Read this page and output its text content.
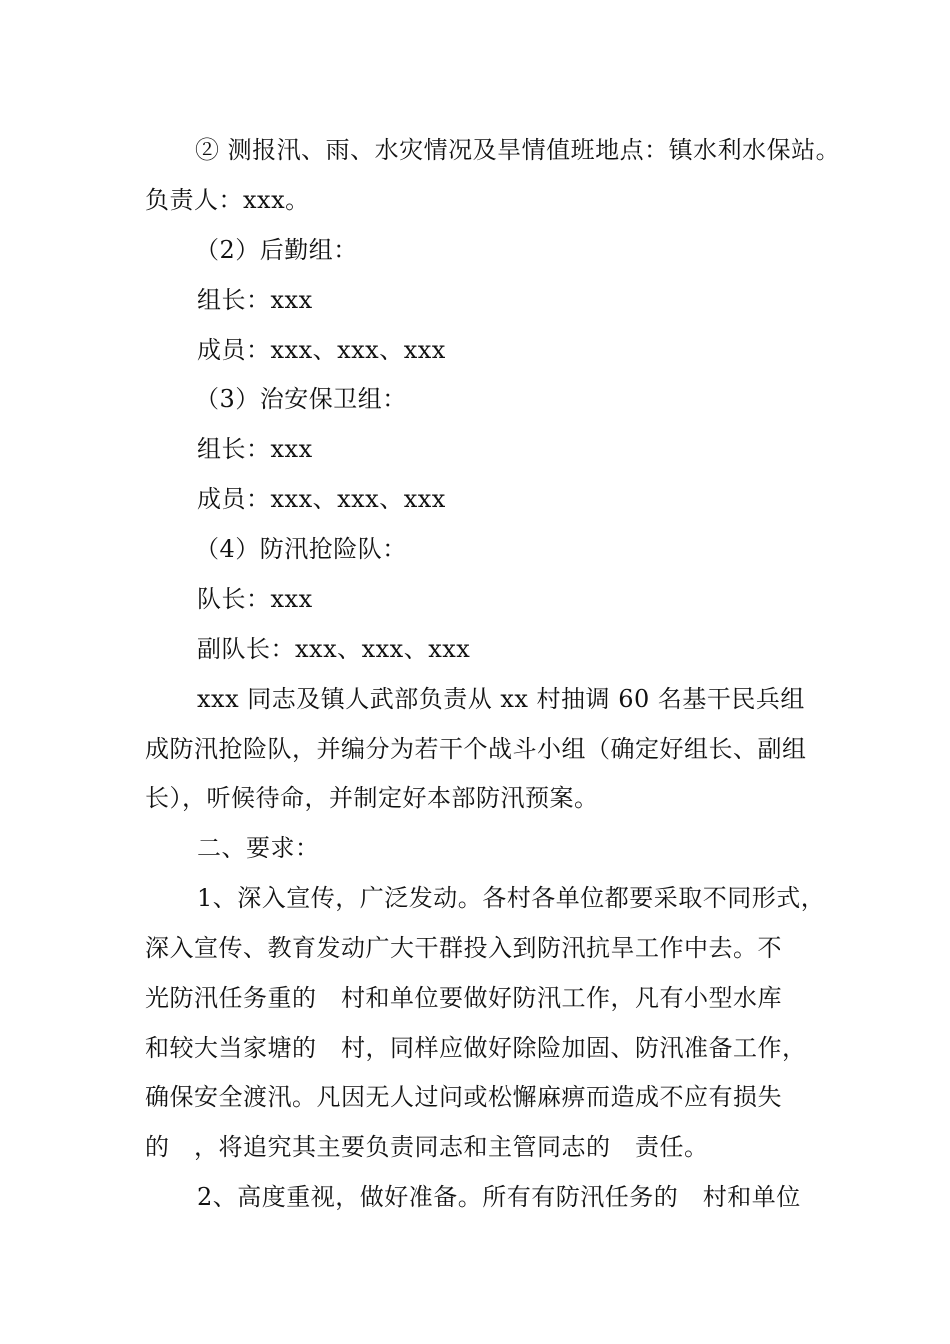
② 测报汛、雨、水灾情况及旱情值班地点：镇水利水保站。
负责人：xxx。
（2）后勤组：
组长：xxx
成员：xxx、xxx、xxx
（3）治安保卫组：
组长：xxx
成员：xxx、xxx、xxx
（4）防汛抢险队：
队长：xxx
副队长：xxx、xxx、xxx
xxx 同志及镇人武部负责从 xx 村抽调 60 名基干民兵组
成防汛抢险队，并编分为若干个战斗小组（确定好组长、副组
长），听候待命，并制定好本部防汛预案。
二、要求：
1、深入宣传，广泛发动。各村各单位都要采取不同形式，
深入宣传、教育发动广大干群投入到防汛抗旱工作中去。不
光防汛任务重的　村和单位要做好防汛工作，凡有小型水库
和较大当家塘的　村，同样应做好除险加固、防汛准备工作，
确保安全渡汛。凡因无人过问或松懈麻痹而造成不应有损失
的　，将追究其主要负责同志和主管同志的　责任。
2、高度重视，做好准备。所有有防汛任务的　村和单位
